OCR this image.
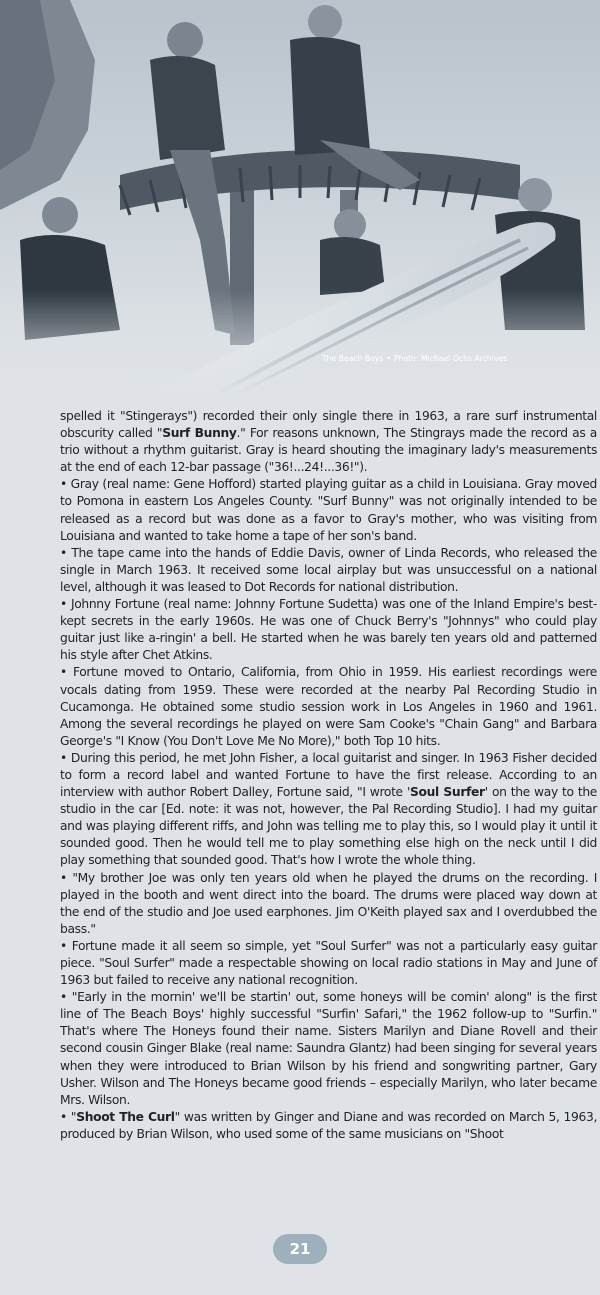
The Beach Boys • Photo: Michael Ochs Archives

spelled it "Stingerays") recorded their only single there in 1963, a rare surf instrumental obscurity called "Surf Bunny." For reasons unknown, The Stingrays made the record as a trio without a rhythm guitarist. Gray is heard shouting the imaginary lady's measurements at the end of each 12-bar passage ("36!...24!...36!").

• Gray (real name: Gene Hofford) started playing guitar as a child in Louisiana. Gray moved to Pomona in eastern Los Angeles County. "Surf Bunny" was not originally intended to be released as a record but was done as a favor to Gray's mother, who was visiting from Louisiana and wanted to take home a tape of her son's band.

• The tape came into the hands of Eddie Davis, owner of Linda Records, who released the single in March 1963. It received some local airplay but was unsuccessful on a national level, although it was leased to Dot Records for national distribution.

• Johnny Fortune (real name: Johnny Fortune Sudetta) was one of the Inland Empire's best-kept secrets in the early 1960s. He was one of Chuck Berry's "Johnnys" who could play guitar just like a-ringin' a bell. He started when he was barely ten years old and patterned his style after Chet Atkins.

• Fortune moved to Ontario, California, from Ohio in 1959. His earliest recordings were vocals dating from 1959. These were recorded at the nearby Pal Recording Studio in Cucamonga. He obtained some studio session work in Los Angeles in 1960 and 1961. Among the several recordings he played on were Sam Cooke's "Chain Gang" and Barbara George's "I Know (You Don't Love Me No More)," both Top 10 hits.

• During this period, he met John Fisher, a local guitarist and singer. In 1963 Fisher decided to form a record label and wanted Fortune to have the first release. According to an interview with author Robert Dalley, Fortune said, "I wrote 'Soul Surfer' on the way to the studio in the car [Ed. note: it was not, however, the Pal Recording Studio]. I had my guitar and was playing different riffs, and John was telling me to play this, so I would play it until it sounded good. Then he would tell me to play something else high on the neck until I did play something that sounded good. That's how I wrote the whole thing.

• "My brother Joe was only ten years old when he played the drums on the recording. I played in the booth and went direct into the board. The drums were placed way down at the end of the studio and Joe used earphones. Jim O'Keith played sax and I overdubbed the bass."

• Fortune made it all seem so simple, yet "Soul Surfer" was not a particularly easy guitar piece. "Soul Surfer" made a respectable showing on local radio stations in May and June of 1963 but failed to receive any national recognition.

• "Early in the mornin' we'll be startin' out, some honeys will be comin' along" is the first line of The Beach Boys' highly successful "Surfin' Safari," the 1962 follow-up to "Surfin." That's where The Honeys found their name. Sisters Marilyn and Diane Rovell and their second cousin Ginger Blake (real name: Saundra Glantz) had been singing for several years when they were introduced to Brian Wilson by his friend and songwriting partner, Gary Usher. Wilson and The Honeys became good friends – especially Marilyn, who later became Mrs. Wilson.

• "Shoot The Curl" was written by Ginger and Diane and was recorded on March 5, 1963, produced by Brian Wilson, who used some of the same musicians on "Shoot

21
